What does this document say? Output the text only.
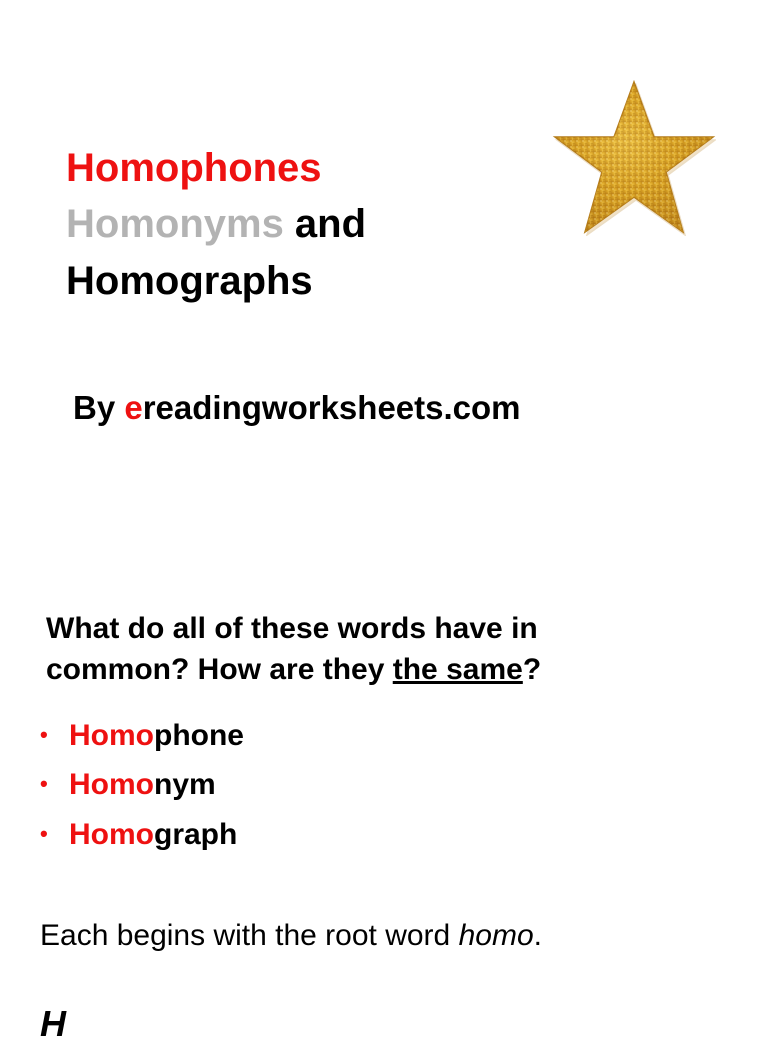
Homophones
Homonyms and
Homographs
By ereadingworksheets.com
What do all of these words have in
common? How are they the same?
• Homophone
• Homonym
• Homograph
Each begins with the root word homo.
H
